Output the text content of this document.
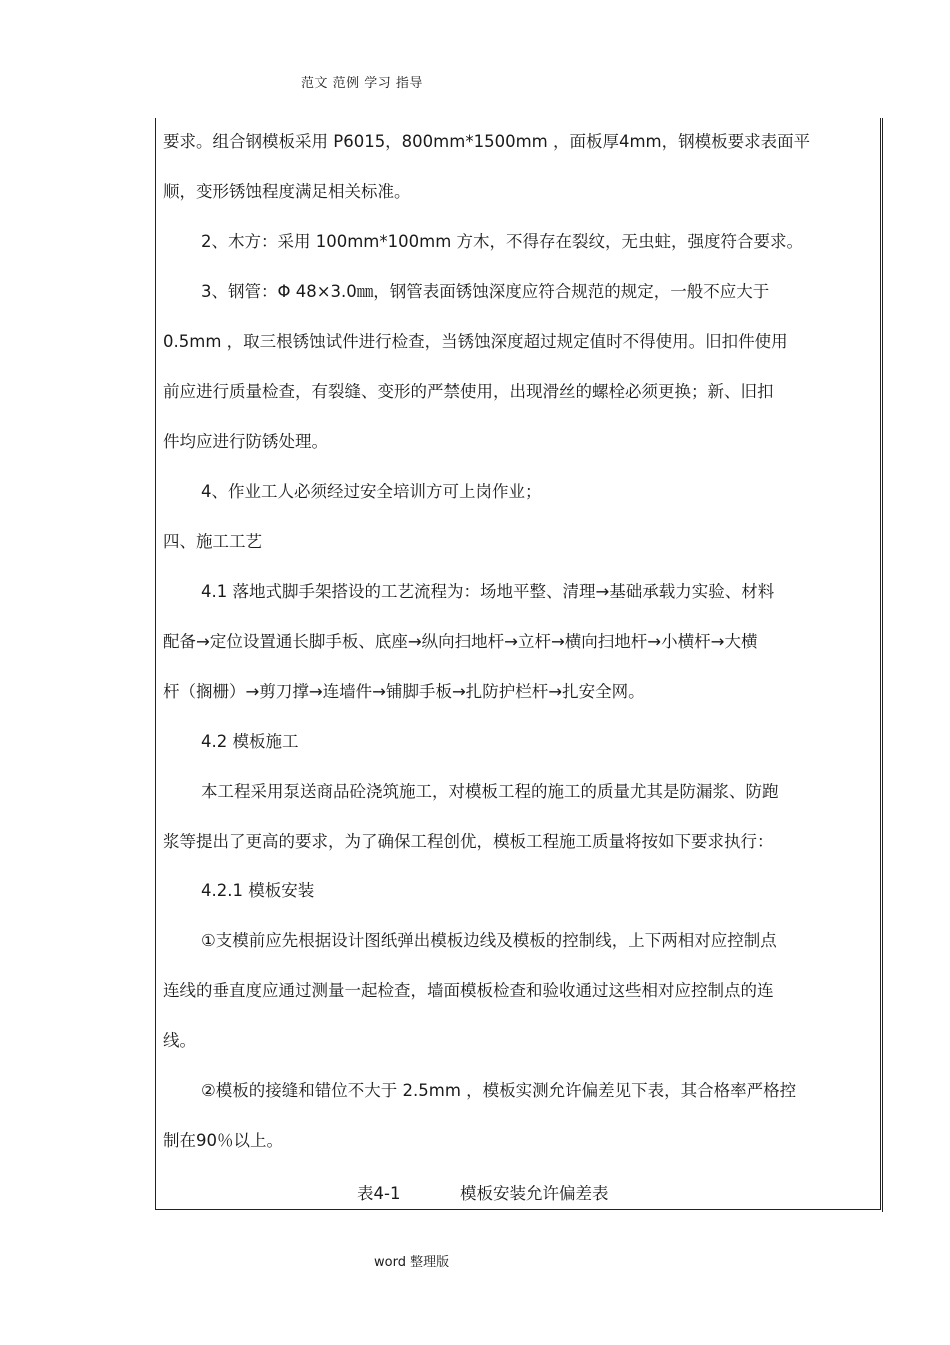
范文 范例 学习 指导
要求。组合钢模板采用 P6015，800mm*1500mm ，面板厚4mm，钢模板要求表面平
顺，变形锈蚀程度满足相关标准。
2、木方：采用 100mm*100mm 方木，不得存在裂纹，无虫蛀，强度符合要求。
3、钢管：Φ 48×3.0㎜，钢管表面锈蚀深度应符合规范的规定，一般不应大于
0.5mm ，取三根锈蚀试件进行检查，当锈蚀深度超过规定值时不得使用。旧扣件使用
前应进行质量检查，有裂缝、变形的严禁使用，出现滑丝的螺栓必须更换；新、旧扣
件均应进行防锈处理。
4、作业工人必须经过安全培训方可上岗作业；
四、施工工艺
4.1 落地式脚手架搭设的工艺流程为：场地平整、清理→基础承载力实验、材料
配备→定位设置通长脚手板、底座→纵向扫地杆→立杆→横向扫地杆→小横杆→大横
杆（搁栅）→剪刀撑→连墙件→铺脚手板→扎防护栏杆→扎安全网。
4.2 模板施工
本工程采用泵送商品砼浇筑施工，对模板工程的施工的质量尤其是防漏浆、防跑
浆等提出了更高的要求，为了确保工程创优，模板工程施工质量将按如下要求执行：
4.2.1 模板安装
①支模前应先根据设计图纸弹出模板边线及模板的控制线，上下两相对应控制点
连线的垂直度应通过测量一起检查，墙面模板检查和验收通过这些相对应控制点的连
线。
②模板的接缝和错位不大于 2.5mm ，模板实测允许偏差见下表，其合格率严格控
制在90％以上。
表4-1	模板安装允许偏差表
word 整理版
